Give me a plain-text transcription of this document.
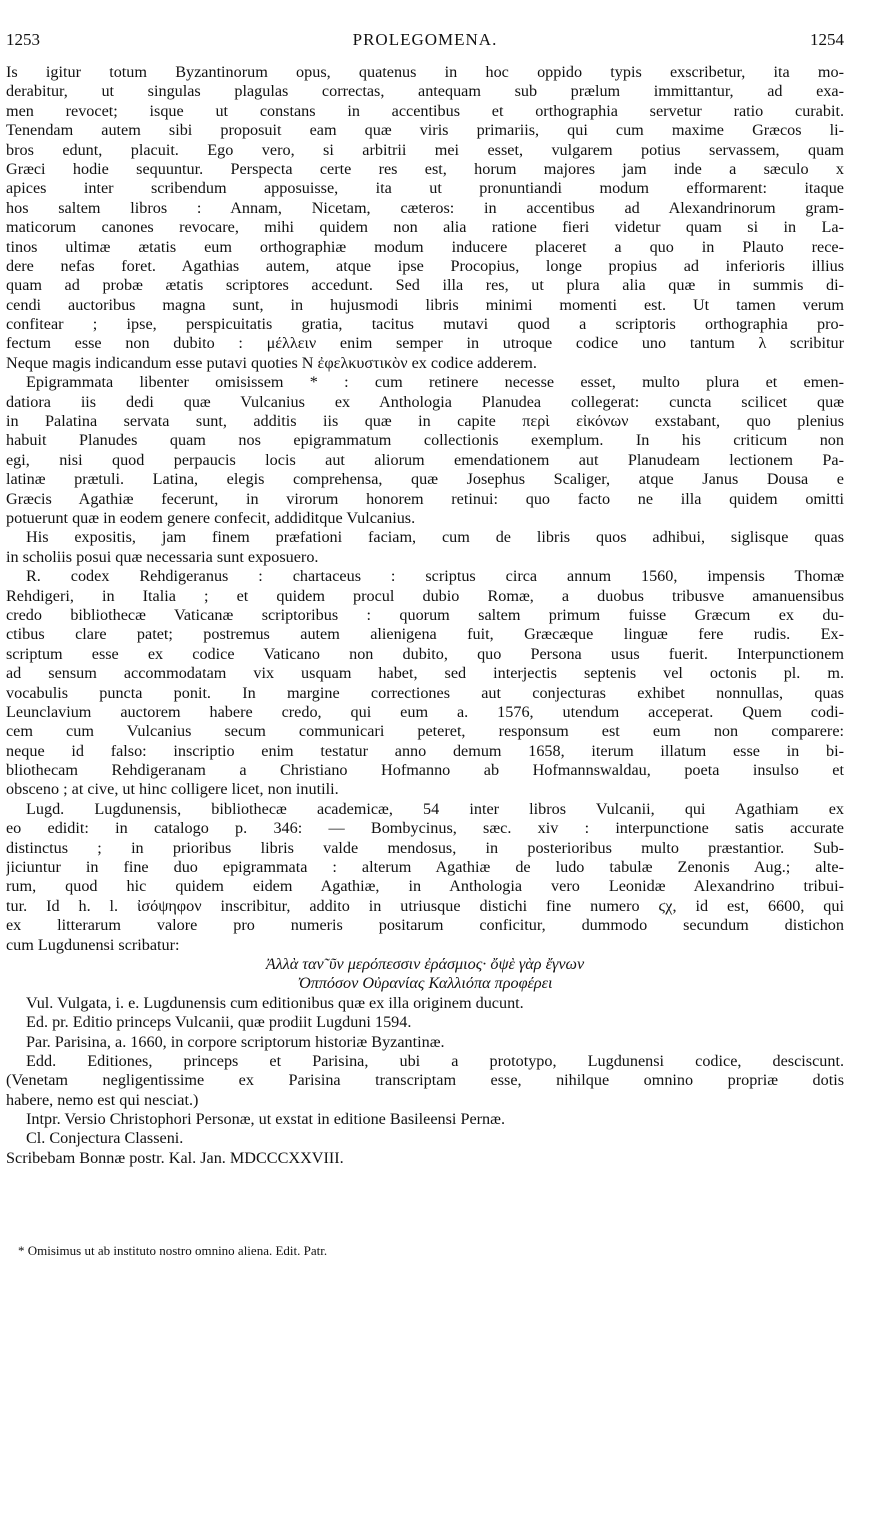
1253	PROLEGOMENA.	1254
Is igitur totum Byzantinorum opus, quatenus in hoc oppido typis exscribetur, ita mo-
derabitur, ut singulas plagulas correctas, antequam sub prælum immittantur, ad exa-
men revocet; isque ut constans in accentibus et orthographia servetur ratio curabit.
Tenendam autem sibi proposuit eam quæ viris primariis, qui cum maxime Græcos li-
bros edunt, placuit. Ego vero, si arbitrii mei esset, vulgarem potius servassem, quam
Græci hodie sequuntur. Perspecta certe res est, horum majores jam inde a sæculo x
apices inter scribendum apposuisse, ita ut pronuntiandi modum efformarent: itaque
hos saltem libros : Annam, Nicetam, cæteros: in accentibus ad Alexandrinorum gram-
maticorum canones revocare, mihi quidem non alia ratione fieri videtur quam si in La-
tinos ultimæ ætatis eum orthographiæ modum inducere placeret a quo in Plauto rece-
dere nefas foret. Agathias autem, atque ipse Procopius, longe propius ad inferioris illius
quam ad probæ ætatis scriptores accedunt. Sed illa res, ut plura alia quæ in summis di-
cendi auctoribus magna sunt, in hujusmodi libris minimi momenti est. Ut tamen verum
confitear ; ipse, perspicuitatis gratia, tacitus mutavi quod a scriptoris orthographia pro-
fectum esse non dubito : μέλλειν enim semper in utroque codice uno tantum λ scribitur
Neque magis indicandum esse putavi quoties N ἐφελκυστικὸν ex codice adderem.
Epigrammata libenter omisissem * : cum retinere necesse esset, multo plura et emen-
datiora iis dedi quæ Vulcanius ex Anthologia Planudea collegerat: cuncta scilicet quæ
in Palatina servata sunt, additis iis quæ in capite περὶ εἰκόνων exstabant, quo plenius
habuit Planudes quam nos epigrammatum collectionis exemplum. In his criticum non
egi, nisi quod perpaucis locis aut aliorum emendationem aut Planudeam lectionem Pa-
latinæ prætuli. Latina, elegis comprehensa, quæ Josephus Scaliger, atque Janus Dousa e
Græcis Agathiæ fecerunt, in virorum honorem retinui: quo facto ne illa quidem omitti
potuerunt quæ in eodem genere confecit, addiditque Vulcanius.
His expositis, jam finem præfationi faciam, cum de libris quos adhibui, siglisque quas
in scholiis posui quæ necessaria sunt exposuero.
R. codex Rehdigeranus : chartaceus : scriptus circa annum 1560, impensis Thomæ
Rehdigeri, in Italia ; et quidem procul dubio Romæ, a duobus tribusve amanuensibus
credo bibliothecæ Vaticanæ scriptoribus : quorum saltem primum fuisse Græcum ex du-
ctibus clare patet; postremus autem alienigena fuit, Græcæque linguæ fere rudis. Ex-
scriptum esse ex codice Vaticano non dubito, quo Persona usus fuerit. Interpunctionem
ad sensum accommodatam vix usquam habet, sed interjectis septenis vel octonis pl. m.
vocabulis puncta ponit. In margine correctiones aut conjecturas exhibet nonnullas, quas
Leunclavium auctorem habere credo, qui eum a. 1576, utendum acceperat. Quem codi-
cem cum Vulcanius secum communicari peteret, responsum est eum non comparere:
neque id falso: inscriptio enim testatur anno demum 1658, iterum illatum esse in bi-
bliothecam Rehdigeranam a Christiano Hofmanno ab Hofmannswaldau, poeta insulso et
obsceno ; at cive, ut hinc colligere licet, non inutili.
Lugd. Lugdunensis, bibliothecæ academicæ, 54 inter libros Vulcanii, qui Agathiam ex
eo edidit: in catalogo p. 346: — Bombycinus, sæc. xiv : interpunctione satis accurate
distinctus ; in prioribus libris valde mendosus, in posterioribus multo præstantior. Sub-
jiciuntur in fine duo epigrammata : alterum Agathiæ de ludo tabulæ Zenonis Aug.; alte-
rum, quod hic quidem eidem Agathiæ, in Anthologia vero Leonidæ Alexandrino tribui-
tur. Id h. l. ἰσόψηφον inscribitur, addito in utriusque distichi fine numero ϛχ, id est, 6600, qui
ex litterarum valore pro numeris positarum conficitur, dummodo secundum distichon
cum Lugdunensi scribatur:
Ἀλλὰ ταν῀ῦν μερόπεσσιν ἐράσμιος· ὄψὲ γὰρ ἔγνων
Ὀππόσον Οὐρανίας Καλλιόπα προφέρει
Vul. Vulgata, i. e. Lugdunensis cum editionibus quæ ex illa originem ducunt.
Ed. pr. Editio princeps Vulcanii, quæ prodiit Lugduni 1594.
Par. Parisina, a. 1660, in corpore scriptorum historiæ Byzantinæ.
Edd. Editiones, princeps et Parisina, ubi a prototypo, Lugdunensi codice, desciscunt.
(Venetam negligentissime ex Parisina transcriptam esse, nihilque omnino propriæ dotis
habere, nemo est qui nesciat.)
Intpr. Versio Christophori Personæ, ut exstat in editione Basileensi Pernæ.
Cl. Conjectura Classeni.
Scribebam Bonnæ postr. Kal. Jan. MDCCCXXVIII.
* Omisimus ut ab instituto nostro omnino aliena. Edit. Patr.
